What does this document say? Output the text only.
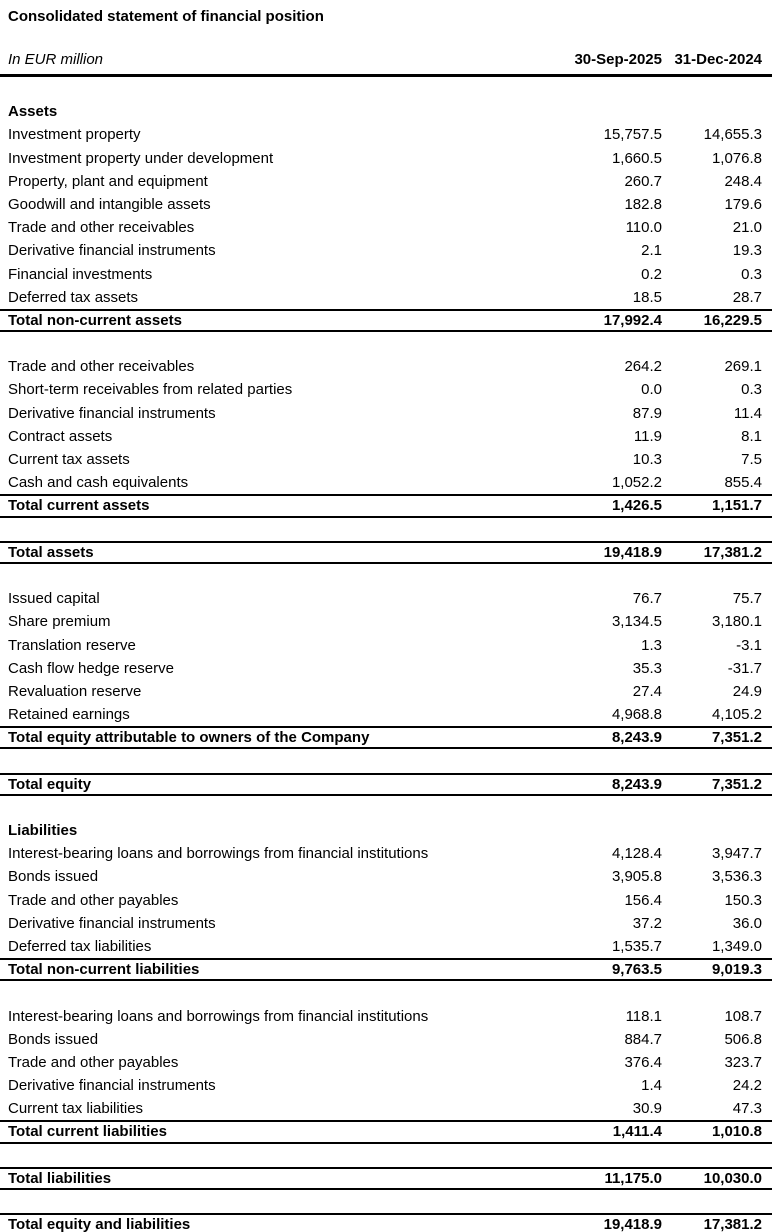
Consolidated statement of financial position
In EUR million	30-Sep-2025 31-Dec-2024
Assets
Investment property	15,757.5	14,655.3
Investment property under development	1,660.5	1,076.8
Property, plant and equipment	260.7	248.4
Goodwill and intangible assets	182.8	179.6
Trade and other receivables	110.0	21.0
Derivative financial instruments	2.1	19.3
Financial investments	0.2	0.3
Deferred tax assets	18.5	28.7
Total non-current assets	17,992.4	16,229.5
Trade and other receivables	264.2	269.1
Short-term receivables from related parties	0.0	0.3
Derivative financial instruments	87.9	11.4
Contract assets	11.9	8.1
Current tax assets	10.3	7.5
Cash and cash equivalents	1,052.2	855.4
Total current assets	1,426.5	1,151.7
Total assets	19,418.9	17,381.2
Issued capital	76.7	75.7
Share premium	3,134.5	3,180.1
Translation reserve	1.3	-3.1
Cash flow hedge reserve	35.3	-31.7
Revaluation reserve	27.4	24.9
Retained earnings	4,968.8	4,105.2
Total equity attributable to owners of the Company	8,243.9	7,351.2
Total equity	8,243.9	7,351.2
Liabilities
Interest-bearing loans and borrowings from financial institutions	4,128.4	3,947.7
Bonds issued	3,905.8	3,536.3
Trade and other payables	156.4	150.3
Derivative financial instruments	37.2	36.0
Deferred tax liabilities	1,535.7	1,349.0
Total non-current liabilities	9,763.5	9,019.3
Interest-bearing loans and borrowings from financial institutions	118.1	108.7
Bonds issued	884.7	506.8
Trade and other payables	376.4	323.7
Derivative financial instruments	1.4	24.2
Current tax liabilities	30.9	47.3
Total current liabilities	1,411.4	1,010.8
Total liabilities	11,175.0	10,030.0
Total equity and liabilities	19,418.9	17,381.2
